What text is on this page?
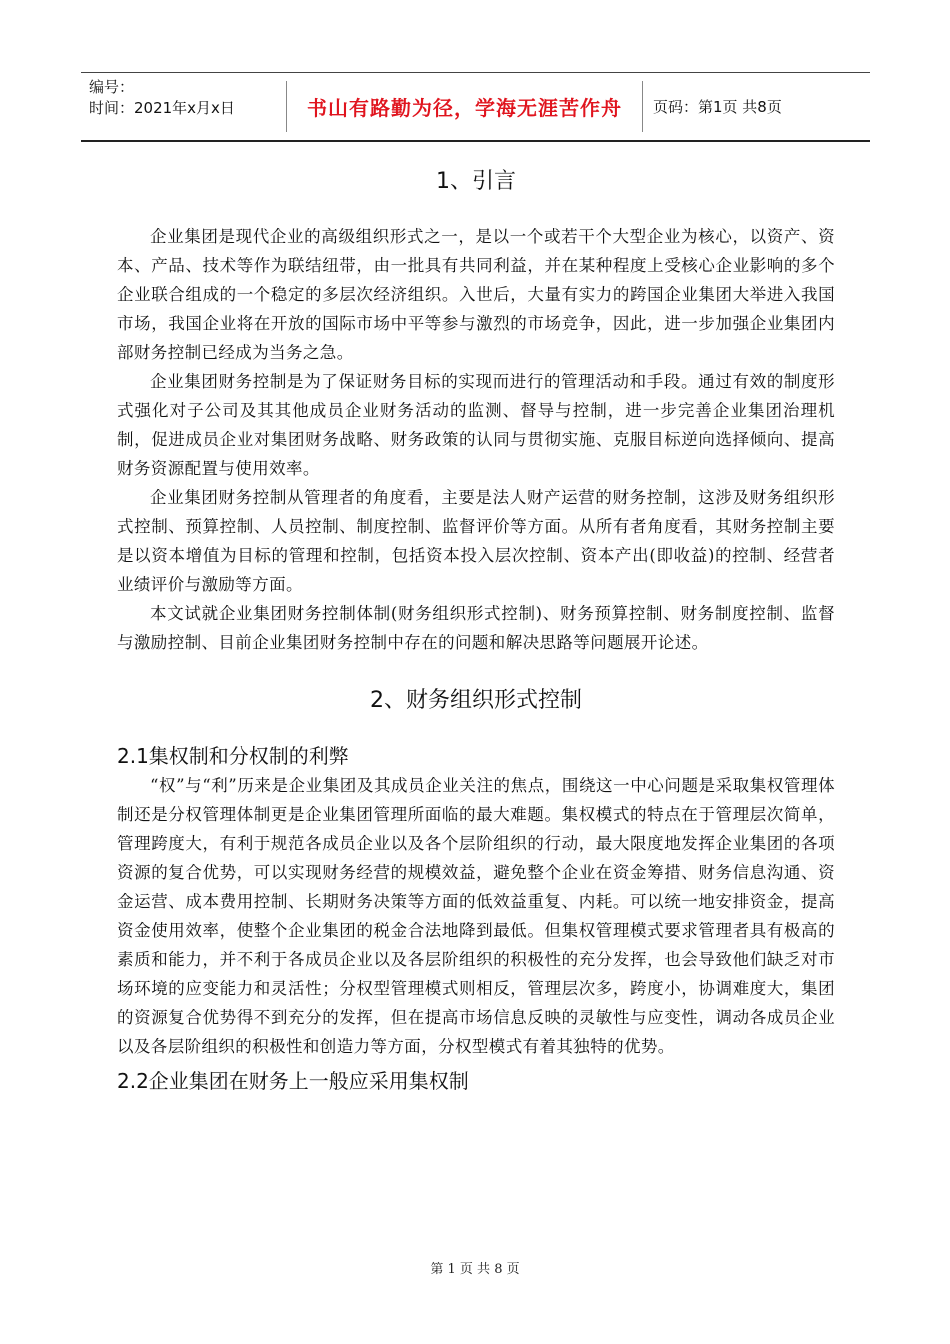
编号：
时间：2021年x月x日	书山有路勤为径，学海无涯苦作舟	页码：第1页 共8页
1、引言

企业集团是现代企业的高级组织形式之一，是以一个或若干个大型企业为核心，以资产、资本、产品、技术等作为联结纽带，由一批具有共同利益，并在某种程度上受核心企业影响的多个企业联合组成的一个稳定的多层次经济组织。入世后，大量有实力的跨国企业集团大举进入我国市场，我国企业将在开放的国际市场中平等参与激烈的市场竞争，因此，进一步加强企业集团内部财务控制已经成为当务之急。

企业集团财务控制是为了保证财务目标的实现而进行的管理活动和手段。通过有效的制度形式强化对子公司及其其他成员企业财务活动的监测、督导与控制，进一步完善企业集团治理机制，促进成员企业对集团财务战略、财务政策的认同与贯彻实施、克服目标逆向选择倾向、提高财务资源配置与使用效率。

企业集团财务控制从管理者的角度看，主要是法人财产运营的财务控制，这涉及财务组织形式控制、预算控制、人员控制、制度控制、监督评价等方面。从所有者角度看，其财务控制主要是以资本增值为目标的管理和控制，包括资本投入层次控制、资本产出(即收益)的控制、经营者业绩评价与激励等方面。

本文试就企业集团财务控制体制(财务组织形式控制)、财务预算控制、财务制度控制、监督与激励控制、目前企业集团财务控制中存在的问题和解决思路等问题展开论述。

2、财务组织形式控制
2.1集权制和分权制的利弊

“权”与“利”历来是企业集团及其成员企业关注的焦点，围绕这一中心问题是采取集权管理体制还是分权管理体制更是企业集团管理所面临的最大难题。集权模式的特点在于管理层次简单，管理跨度大，有利于规范各成员企业以及各个层阶组织的行动，最大限度地发挥企业集团的各项资源的复合优势，可以实现财务经营的规模效益，避免整个企业在资金筹措、财务信息沟通、资金运营、成本费用控制、长期财务决策等方面的低效益重复、内耗。可以统一地安排资金，提高资金使用效率，使整个企业集团的税金合法地降到最低。但集权管理模式要求管理者具有极高的素质和能力，并不利于各成员企业以及各层阶组织的积极性的充分发挥，也会导致他们缺乏对市场环境的应变能力和灵活性；分权型管理模式则相反，管理层次多，跨度小，协调难度大，集团的资源复合优势得不到充分的发挥，但在提高市场信息反映的灵敏性与应变性，调动各成员企业以及各层阶组织的积极性和创造力等方面，分权型模式有着其独特的优势。

2.2企业集团在财务上一般应采用集权制
第 1 页 共 8 页
